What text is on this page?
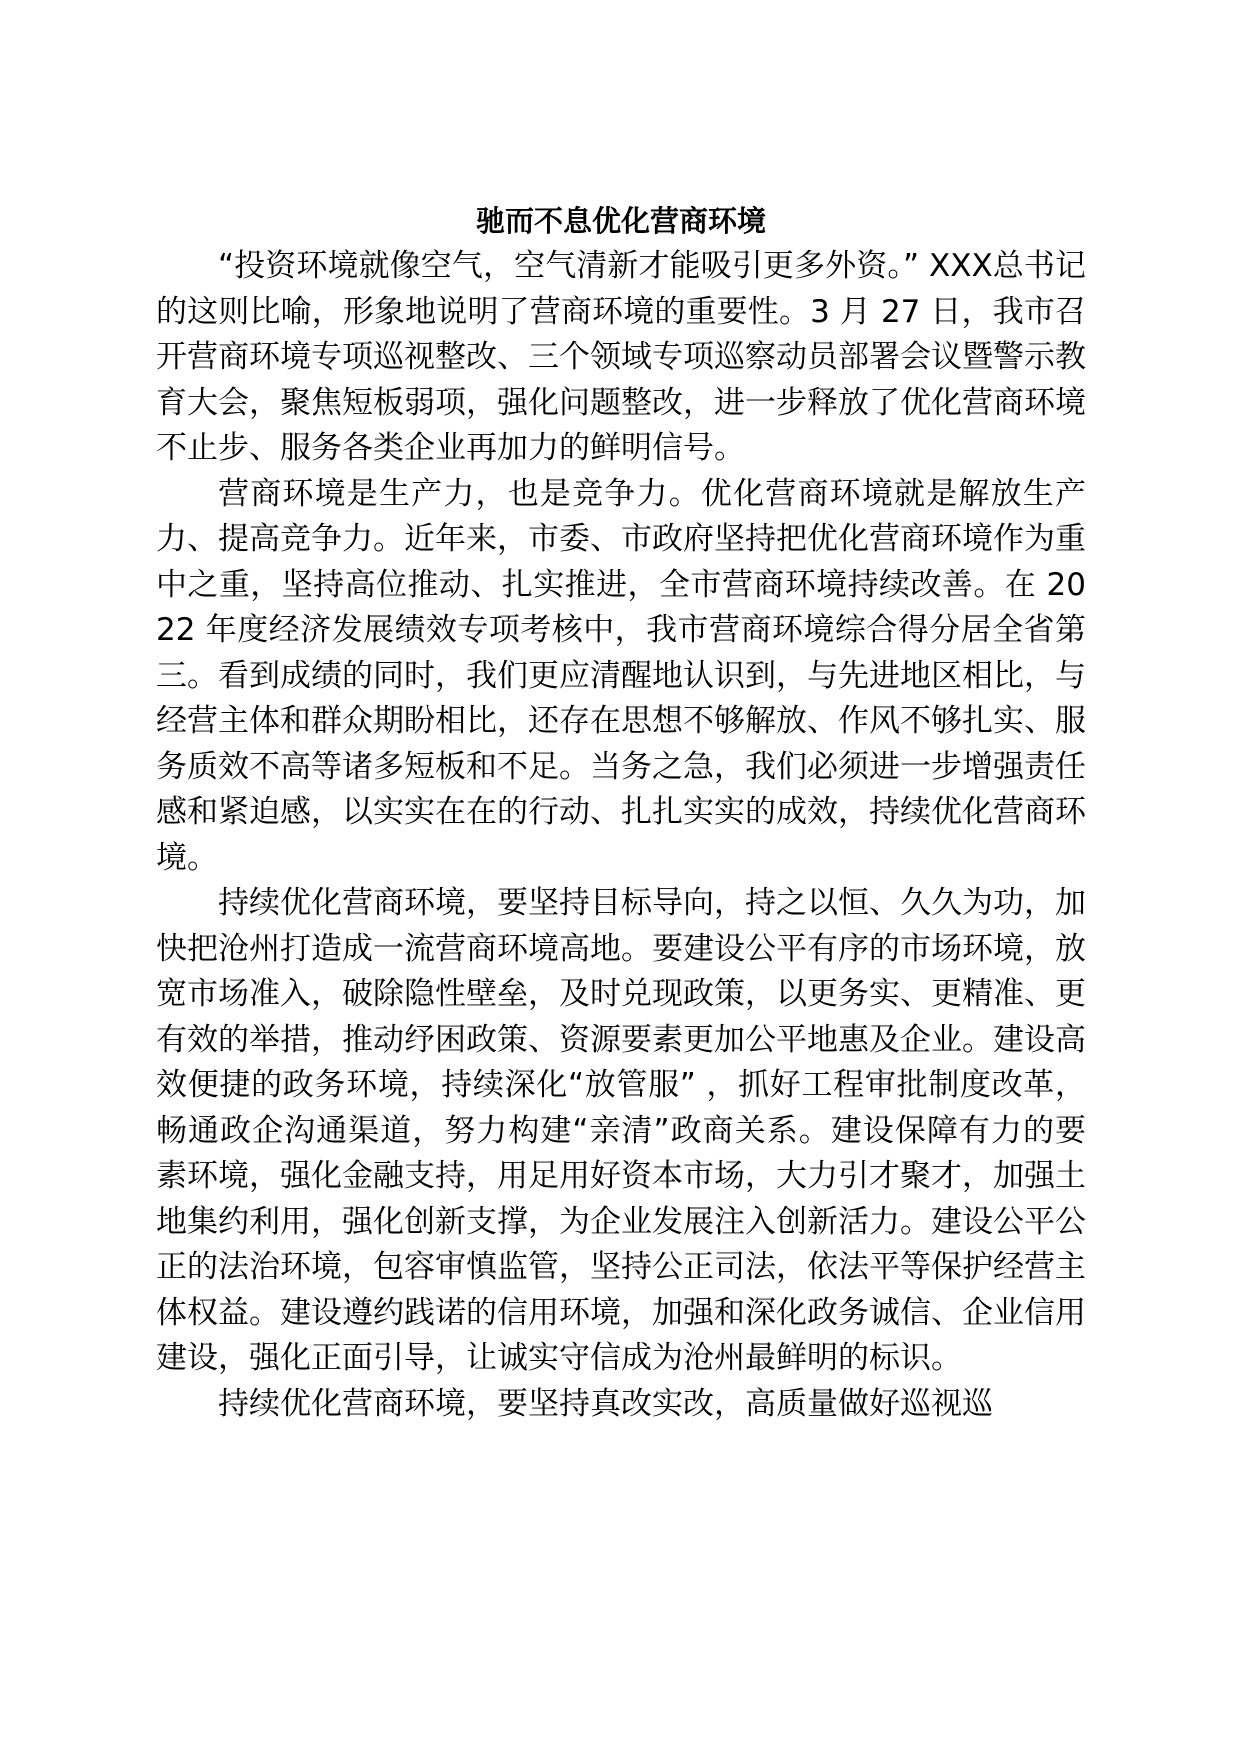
驰而不息优化营商环境

“投资环境就像空气，空气清新才能吸引更多外资。” XXX总书记的这则比喻，形象地说明了营商环境的重要性。3 月 27 日，我市召开营商环境专项巡视整改、三个领域专项巡察动员部署会议暨警示教育大会，聚焦短板弱项，强化问题整改，进一步释放了优化营商环境不止步、服务各类企业再加力的鲜明信号。

营商环境是生产力，也是竞争力。优化营商环境就是解放生产力、提高竞争力。近年来，市委、市政府坚持把优化营商环境作为重中之重，坚持高位推动、扎实推进，全市营商环境持续改善。在 2022 年度经济发展绩效专项考核中，我市营商环境综合得分居全省第三。看到成绩的同时，我们更应清醒地认识到，与先进地区相比，与经营主体和群众期盼相比，还存在思想不够解放、作风不够扎实、服务质效不高等诸多短板和不足。当务之急，我们必须进一步增强责任感和紧迫感，以实实在在的行动、扎扎实实的成效，持续优化营商环境。

持续优化营商环境，要坚持目标导向，持之以恒、久久为功，加快把沧州打造成一流营商环境高地。要建设公平有序的市场环境，放宽市场准入，破除隐性壁垒，及时兑现政策，以更务实、更精准、更有效的举措，推动纾困政策、资源要素更加公平地惠及企业。建设高效便捷的政务环境，持续深化“放管服” ，抓好工程审批制度改革，畅通政企沟通渠道，努力构建“亲清”政商关系。建设保障有力的要素环境，强化金融支持，用足用好资本市场，大力引才聚才，加强土地集约利用，强化创新支撑，为企业发展注入创新活力。建设公平公正的法治环境，包容审慎监管，坚持公正司法，依法平等保护经营主体权益。建设遵约践诺的信用环境，加强和深化政务诚信、企业信用建设，强化正面引导，让诚实守信成为沧州最鲜明的标识。

持续优化营商环境，要坚持真改实改，高质量做好巡视巡
